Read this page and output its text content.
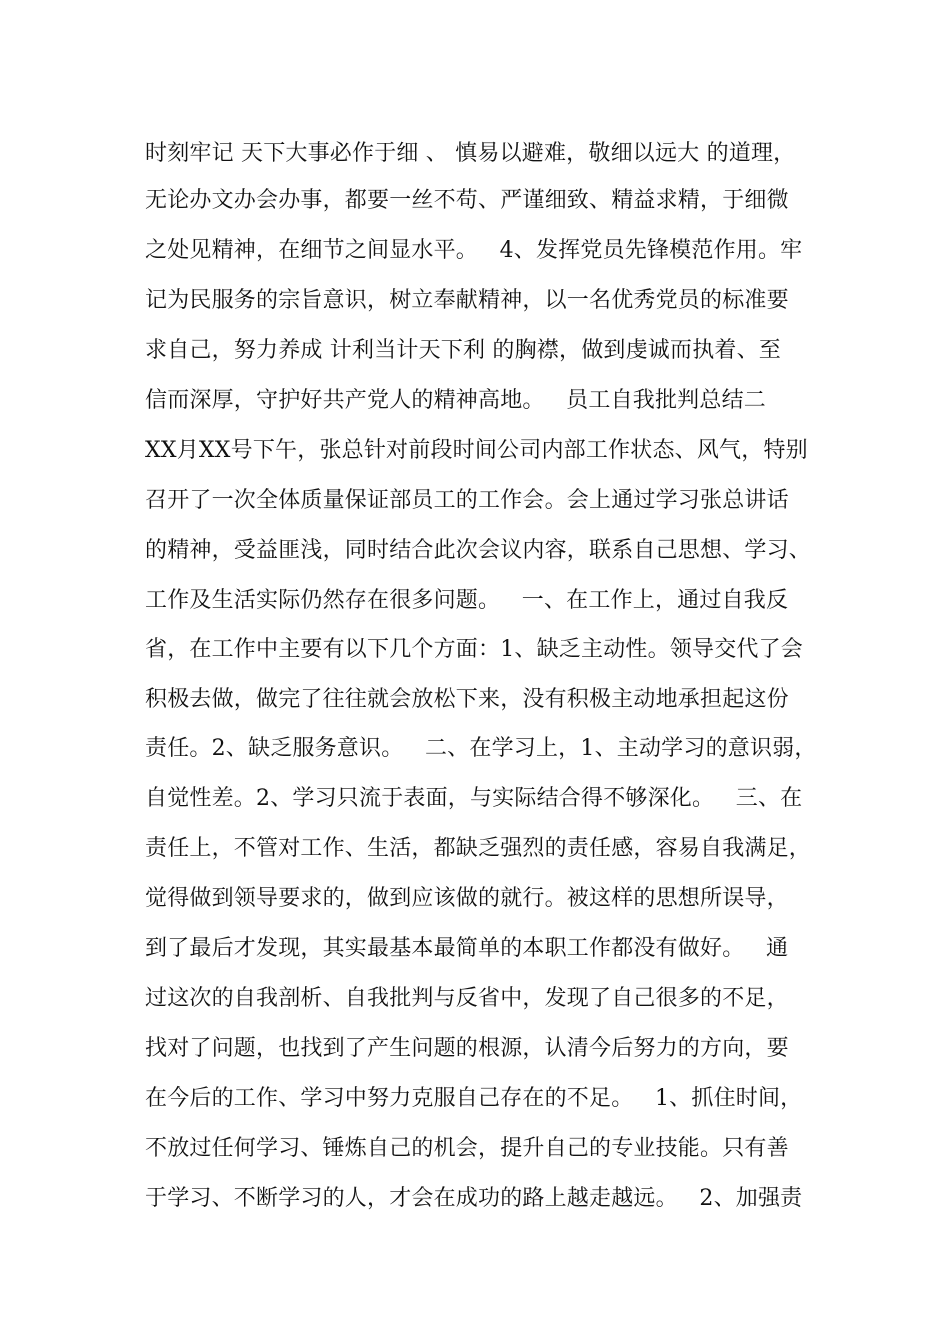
时刻牢记 天下大事必作于细 、 慎易以避难，敬细以远大 的道理，
无论办文办会办事，都要一丝不苟、严谨细致、精益求精，于细微
之处见精神，在细节之间显水平。   4、发挥党员先锋模范作用。牢
记为民服务的宗旨意识，树立奉献精神，以一名优秀党员的标准要
求自己，努力养成 计利当计天下利 的胸襟，做到虔诚而执着、至
信而深厚，守护好共产党人的精神高地。   员工自我批判总结二
XX月XX号下午，张总针对前段时间公司内部工作状态、风气，特别
召开了一次全体质量保证部员工的工作会。会上通过学习张总讲话
的精神，受益匪浅，同时结合此次会议内容，联系自己思想、学习、
工作及生活实际仍然存在很多问题。   一、在工作上，通过自我反
省，在工作中主要有以下几个方面：1、缺乏主动性。领导交代了会
积极去做，做完了往往就会放松下来，没有积极主动地承担起这份
责任。2、缺乏服务意识。   二、在学习上，1、主动学习的意识弱，
自觉性差。2、学习只流于表面，与实际结合得不够深化。   三、在
责任上，不管对工作、生活，都缺乏强烈的责任感，容易自我满足，
觉得做到领导要求的，做到应该做的就行。被这样的思想所误导，
到了最后才发现，其实最基本最简单的本职工作都没有做好。   通
过这次的自我剖析、自我批判与反省中，发现了自己很多的不足，
找对了问题，也找到了产生问题的根源，认清今后努力的方向，要
在今后的工作、学习中努力克服自己存在的不足。   1、抓住时间，
不放过任何学习、锤炼自己的机会，提升自己的专业技能。只有善
于学习、不断学习的人，才会在成功的路上越走越远。   2、加强责
